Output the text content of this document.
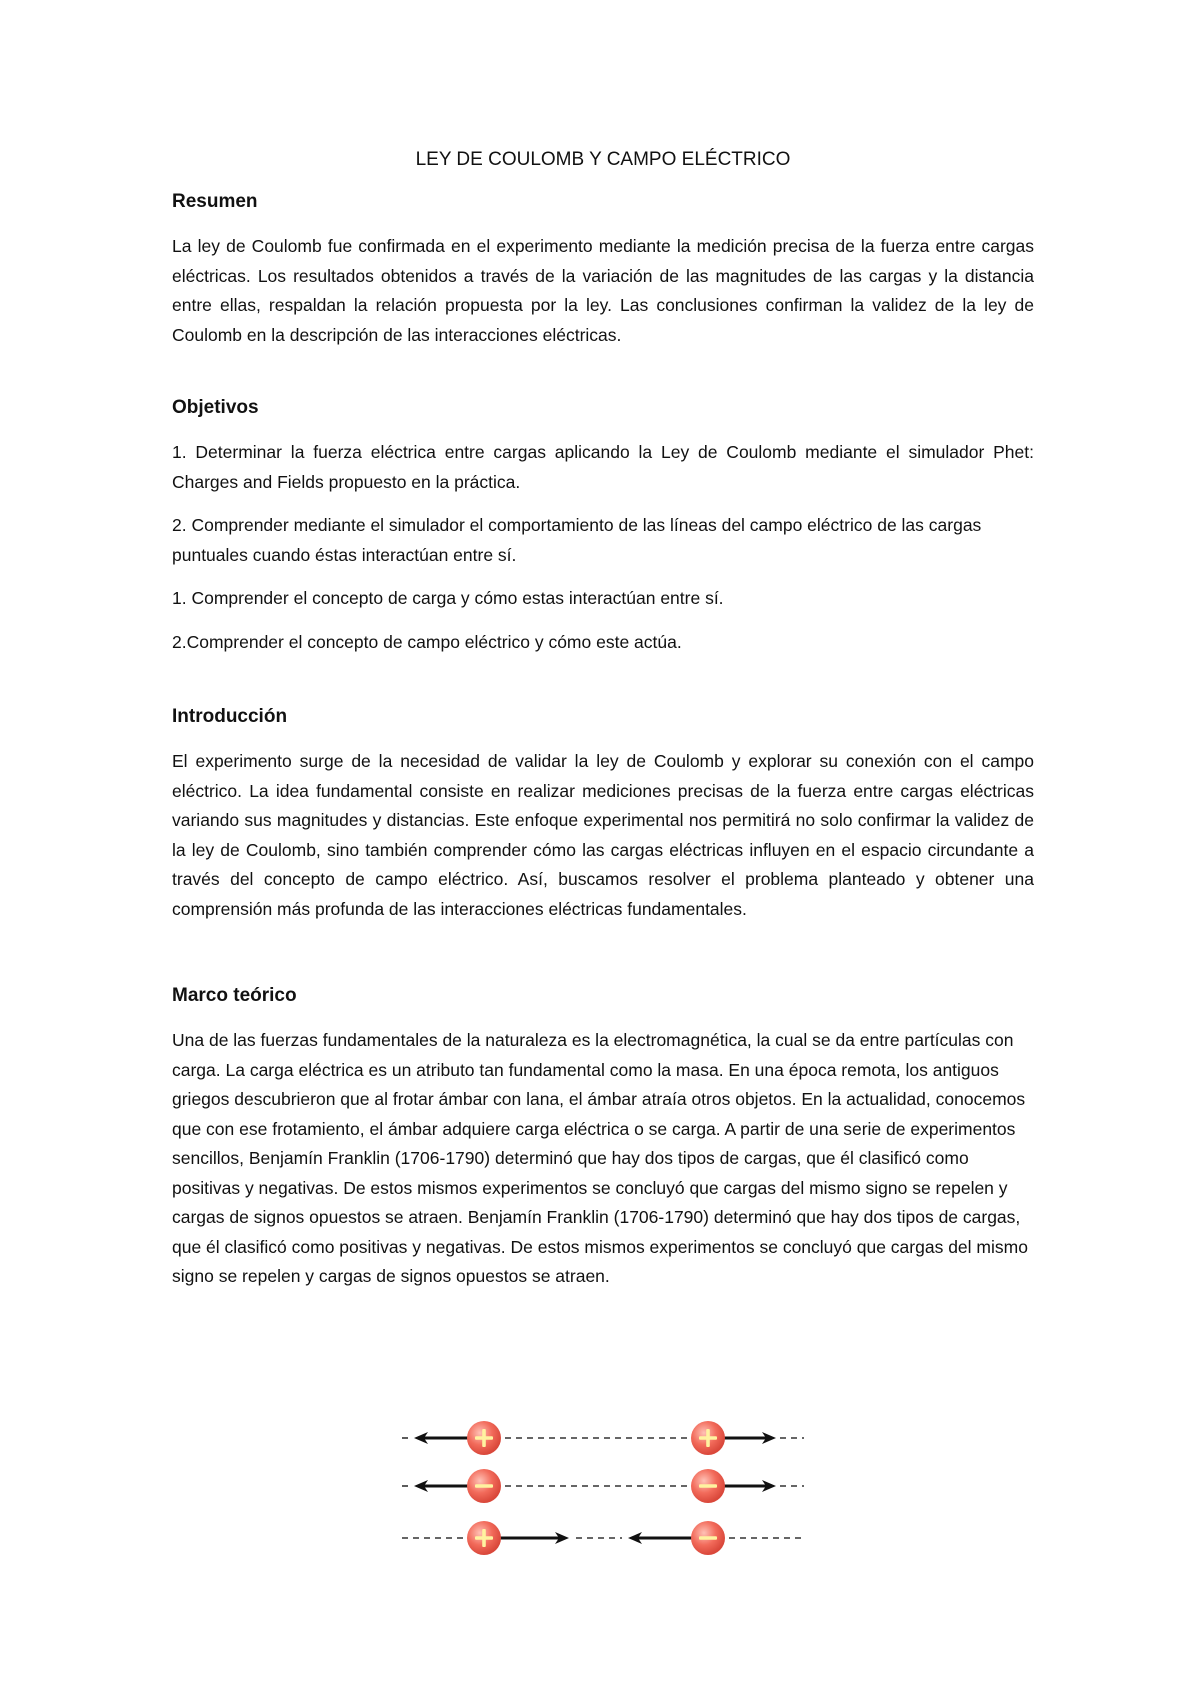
LEY DE COULOMB Y CAMPO ELÉCTRICO

Resumen

La ley de Coulomb fue confirmada en el experimento mediante la medición precisa de la fuerza entre cargas eléctricas. Los resultados obtenidos a través de la variación de las magnitudes de las cargas y la distancia entre ellas, respaldan la relación propuesta por la ley. Las conclusiones confirman la validez de la ley de Coulomb en la descripción de las interacciones eléctricas.

Objetivos

1. Determinar la fuerza eléctrica entre cargas aplicando la Ley de Coulomb mediante el simulador Phet: Charges and Fields propuesto en la práctica.

2. Comprender mediante el simulador el comportamiento de las líneas del campo eléctrico de las cargas puntuales cuando éstas interactúan entre sí.

1. Comprender el concepto de carga y cómo estas interactúan entre sí.

2.Comprender el concepto de campo eléctrico y cómo este actúa.

Introducción

El experimento surge de la necesidad de validar la ley de Coulomb y explorar su conexión con el campo eléctrico. La idea fundamental consiste en realizar mediciones precisas de la fuerza entre cargas eléctricas variando sus magnitudes y distancias. Este enfoque experimental nos permitirá no solo confirmar la validez de la ley de Coulomb, sino también comprender cómo las cargas eléctricas influyen en el espacio circundante a través del concepto de campo eléctrico. Así, buscamos resolver el problema planteado y obtener una comprensión más profunda de las interacciones eléctricas fundamentales.

Marco teórico

Una de las fuerzas fundamentales de la naturaleza es la electromagnética, la cual se da entre partículas con carga. La carga eléctrica es un atributo tan fundamental como la masa. En una época remota, los antiguos griegos descubrieron que al frotar ámbar con lana, el ámbar atraía otros objetos. En la actualidad, conocemos que con ese frotamiento, el ámbar adquiere carga eléctrica o se carga. A partir de una serie de experimentos sencillos, Benjamín Franklin (1706-1790) determinó que hay dos tipos de cargas, que él clasificó como positivas y negativas. De estos mismos experimentos se concluyó que cargas del mismo signo se repelen y cargas de signos opuestos se atraen. Benjamín Franklin (1706-1790) determinó que hay dos tipos de cargas, que él clasificó como positivas y negativas. De estos mismos experimentos se concluyó que cargas del mismo signo se repelen y cargas de signos opuestos se atraen.
